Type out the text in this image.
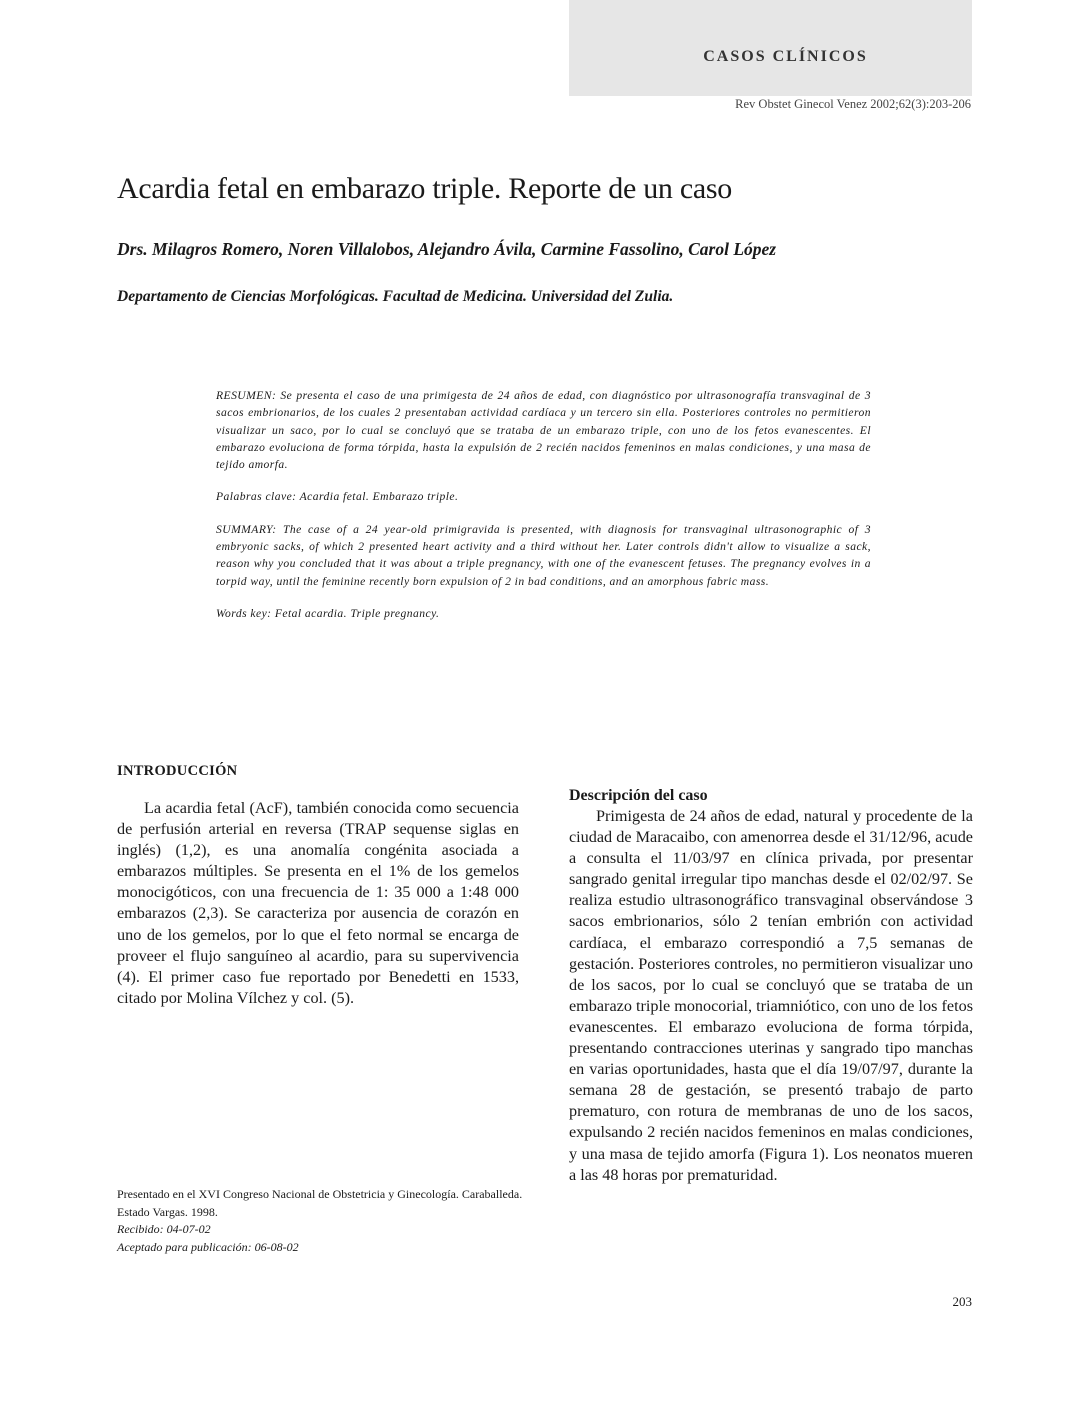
CASOS CLÍNICOS
Rev Obstet Ginecol Venez 2002;62(3):203-206
Acardia fetal en embarazo triple. Reporte de un caso

Drs. Milagros Romero, Noren Villalobos, Alejandro Ávila, Carmine Fassolino, Carol López

Departamento de Ciencias Morfológicas. Facultad de Medicina. Universidad del Zulia.

RESUMEN: Se presenta el caso de una primigesta de 24 años de edad, con diagnóstico por ultrasonografía transvaginal de 3 sacos embrionarios, de los cuales 2 presentaban actividad cardíaca y un tercero sin ella. Posteriores controles no permitieron visualizar un saco, por lo cual se concluyó que se trataba de un embarazo triple, con uno de los fetos evanescentes. El embarazo evoluciona de forma tórpida, hasta la expulsión de 2 recién nacidos femeninos en malas condiciones, y una masa de tejido amorfa.

Palabras clave: Acardia fetal. Embarazo triple.

SUMMARY: The case of a 24 year-old primigravida is presented, with diagnosis for transvaginal ultrasonographic of 3 embryonic sacks, of which 2 presented heart activity and a third without her. Later controls didn't allow to visualize a sack, reason why you concluded that it was about a triple pregnancy, with one of the evanescent fetuses. The pregnancy evolves in a torpid way, until the feminine recently born expulsion of 2 in bad conditions, and an amorphous fabric mass.

Words key: Fetal acardia. Triple pregnancy.

INTRODUCCIÓN

La acardia fetal (AcF), también conocida como secuencia de perfusión arterial en reversa (TRAP sequense siglas en inglés) (1,2), es una anomalía congénita asociada a embarazos múltiples. Se presenta en el 1% de los gemelos monocigóticos, con una frecuencia de 1: 35 000 a 1:48 000 embarazos (2,3). Se caracteriza por ausencia de corazón en uno de los gemelos, por lo que el feto normal se encarga de proveer el flujo sanguíneo al acardio, para su supervivencia (4). El primer caso fue reportado por Benedetti en 1533, citado por Molina Vílchez y col. (5).

Descripción del caso

Primigesta de 24 años de edad, natural y procedente de la ciudad de Maracaibo, con amenorrea desde el 31/12/96, acude a consulta el 11/03/97 en clínica privada, por presentar sangrado genital irregular tipo manchas desde el 02/02/97. Se realiza estudio ultrasonográfico transvaginal observándose 3 sacos embrionarios, sólo 2 tenían embrión con actividad cardíaca, el embarazo correspondió a 7,5 semanas de gestación. Posteriores controles, no permitieron visualizar uno de los sacos, por lo cual se concluyó que se trataba de un embarazo triple monocorial, triamniótico, con uno de los fetos evanescentes. El embarazo evoluciona de forma tórpida, presentando contracciones uterinas y sangrado tipo manchas en varias oportunidades, hasta que el día 19/07/97, durante la semana 28 de gestación, se presentó trabajo de parto prematuro, con rotura de membranas de uno de los sacos, expulsando 2 recién nacidos femeninos en malas condiciones, y una masa de tejido amorfa (Figura 1). Los neonatos mueren a las 48 horas por prematuridad.

Presentado en el XVI Congreso Nacional de Obstetricia y Ginecología. Caraballeda. Estado Vargas. 1998.
Recibido: 04-07-02
Aceptado para publicación: 06-08-02
203
